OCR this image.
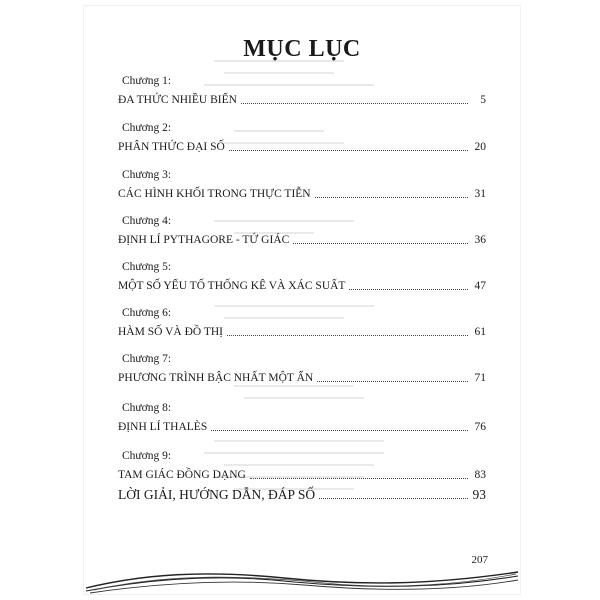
MỤC LỤC
Chương 1:
ĐA THỨC NHIỀU BIẾN	5
Chương 2:
PHÂN THỨC ĐẠI SỐ	20
Chương 3:
CÁC HÌNH KHỐI TRONG THỰC TIỄN	31
Chương 4:
ĐỊNH LÍ PYTHAGORE - TỨ GIÁC	36
Chương 5:
MỘT SỐ YẾU TỐ THỐNG KÊ VÀ XÁC SUẤT	47
Chương 6:
HÀM SỐ VÀ ĐỒ THỊ	61
Chương 7:
PHƯƠNG TRÌNH BẬC NHẤT MỘT ẨN	71
Chương 8:
ĐỊNH LÍ THALÈS	76
Chương 9:
TAM GIÁC ĐỒNG DẠNG	83
LỜI GIẢI, HƯỚNG DẪN, ĐÁP SỐ	93
207
